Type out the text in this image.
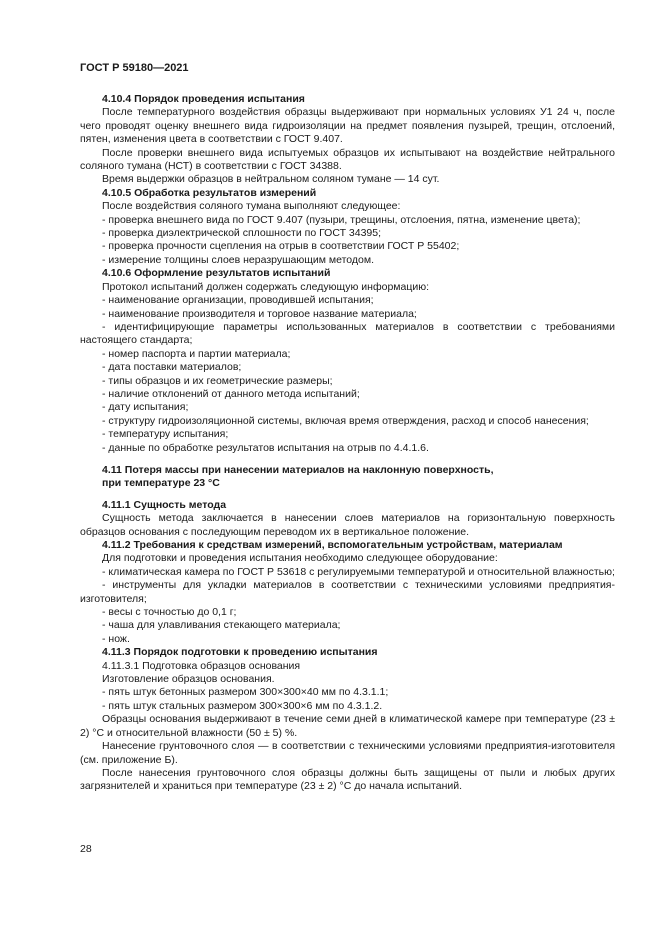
ГОСТ Р 59180—2021

4.10.4 Порядок проведения испытания

После температурного воздействия образцы выдерживают при нормальных условиях У1 24 ч, после чего проводят оценку внешнего вида гидроизоляции на предмет появления пузырей, трещин, отслоений, пятен, изменения цвета в соответствии с ГОСТ 9.407.

После проверки внешнего вида испытуемых образцов их испытывают на воздействие нейтрального соляного тумана (НСТ) в соответствии с ГОСТ 34388.

Время выдержки образцов в нейтральном соляном тумане — 14 сут.

4.10.5 Обработка результатов измерений

После воздействия соляного тумана выполняют следующее:

- проверка внешнего вида по ГОСТ 9.407 (пузыри, трещины, отслоения, пятна, изменение цвета);

- проверка диэлектрической сплошности по ГОСТ 34395;

- проверка прочности сцепления на отрыв в соответствии ГОСТ Р 55402;

- измерение толщины слоев неразрушающим методом.

4.10.6 Оформление результатов испытаний

Протокол испытаний должен содержать следующую информацию:

- наименование организации, проводившей испытания;

- наименование производителя и торговое название материала;

- идентифицирующие параметры использованных материалов в соответствии с требованиями настоящего стандарта;

- номер паспорта и партии материала;

- дата поставки материалов;

- типы образцов и их геометрические размеры;

- наличие отклонений от данного метода испытаний;

- дату испытания;

- структуру гидроизоляционной системы, включая время отверждения, расход и способ нанесения;

- температуру испытания;

- данные по обработке результатов испытания на отрыв по 4.4.1.6.

4.11 Потеря массы при нанесении материалов на наклонную поверхность,
при температуре 23 °C

4.11.1 Сущность метода

Сущность метода заключается в нанесении слоев материалов на горизонтальную поверхность образцов основания с последующим переводом их в вертикальное положение.

4.11.2 Требования к средствам измерений, вспомогательным устройствам, материалам

Для подготовки и проведения испытания необходимо следующее оборудование:

- климатическая камера по ГОСТ Р 53618 с регулируемыми температурой и относительной влажностью;

- инструменты для укладки материалов в соответствии с техническими условиями предприятия-изготовителя;

- весы с точностью до 0,1 г;

- чаша для улавливания стекающего материала;

- нож.

4.11.3 Порядок подготовки к проведению испытания

4.11.3.1 Подготовка образцов основания

Изготовление образцов основания.

- пять штук бетонных размером 300×300×40 мм по 4.3.1.1;

- пять штук стальных размером 300×300×6 мм по 4.3.1.2.

Образцы основания выдерживают в течение семи дней в климатической камере при температуре (23 ± 2) °С и относительной влажности (50 ± 5) %.

Нанесение грунтовочного слоя — в соответствии с техническими условиями предприятия-изготовителя (см. приложение Б).

После нанесения грунтовочного слоя образцы должны быть защищены от пыли и любых других загрязнителей и храниться при температуре (23 ± 2) °С до начала испытаний.

28
